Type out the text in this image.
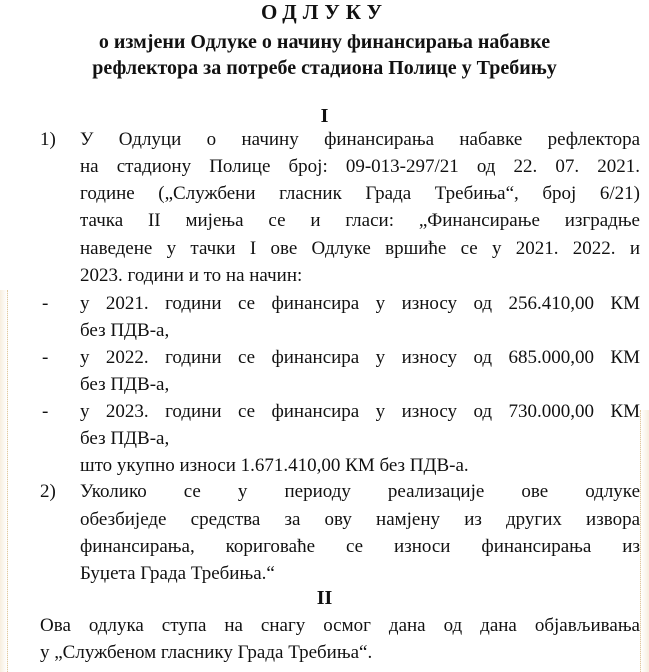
ОДЛУКУ
о измјени Одлуке о начину финансирања набавке
рефлектора за потребе стадиона Полице у Требињу
I
1) У Одлуци о начину финансирања набавке рефлектора
на стадиону Полице број: 09-013-297/21 од 22. 07. 2021.
године („Службени гласник Града Требиња“, број 6/21)
тачка II мијења се и гласи: „Финансирање изградње
наведене у тачки I ове Одлуке вршиће се у 2021. 2022. и
2023. години и то на начин:
- у 2021. години се финансира у износу од 256.410,00 КМ
без ПДВ-а,
- у 2022. години се финансира у износу од 685.000,00 КМ
без ПДВ-а,
- у 2023. години се финансира у износу од 730.000,00 КМ
без ПДВ-а,
што укупно износи 1.671.410,00 КМ без ПДВ-а.
2) Уколико се у периоду реализације ове одлуке
обезбиједе средства за ову намјену из других извора
финансирања, кориговаће се износи финансирања из
Буџета Града Требиња.“
II
Ова одлука ступа на снагу осмог дана од дана објављивања
у „Службеном гласнику Града Требиња“.
